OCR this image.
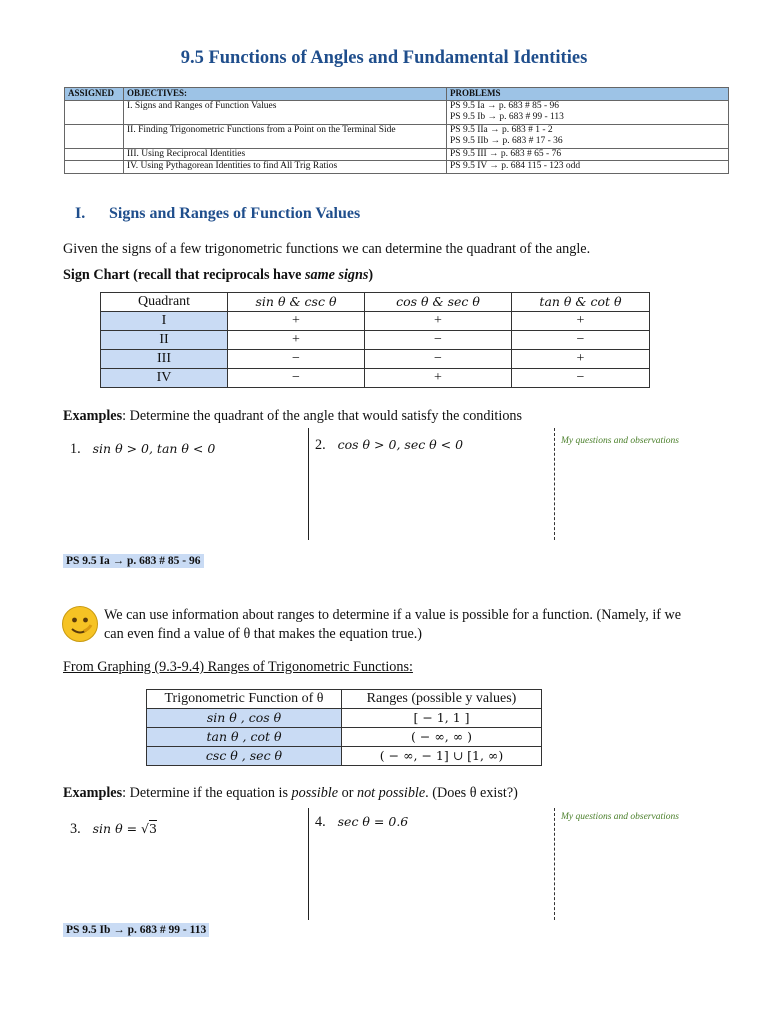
9.5 Functions of Angles and Fundamental Identities
ASSIGNED	OBJECTIVES:	PROBLEMS
	I. Signs and Ranges of Function Values	PS 9.5 Ia → p. 683 # 85 - 96
PS 9.5 Ib → p. 683 # 99 - 113

	II. Finding Trigonometric Functions from a Point on the Terminal Side	PS 9.5 IIa → p. 683 # 1 - 2
PS 9.5 IIb → p. 683 # 17 - 36

	III. Using Reciprocal Identities	PS 9.5 III → p. 683 # 65 - 76
	IV. Using Pythagorean Identities to find All Trig Ratios	PS 9.5 IV → p. 684 115 - 123 odd
I. Signs and Ranges of Function Values
Given the signs of a few trigonometric functions we can determine the quadrant of the angle.
Sign Chart (recall that reciprocals have same signs)
Quadrant	sin θ & csc θ	cos θ & sec θ	tan θ & cot θ
I	+	+	+
II	+	−	−
III	−	−	+
IV	−	+	−
Examples: Determine the quadrant of the angle that would satisfy the conditions
1. sin θ > 0, tan θ < 0	2. cos θ > 0, sec θ < 0	My questions and observations
PS 9.5 Ia → p. 683 # 85 - 96
We can use information about ranges to determine if a value is possible for a function. (Namely, if we can even find a value of θ that makes the equation true.)
From Graphing (9.3-9.4) Ranges of Trigonometric Functions:
Trigonometric Function of θ	Ranges (possible y values)
sin θ , cos θ	[ − 1, 1 ]
tan θ , cot θ	( − ∞, ∞ )
csc θ , sec θ	( − ∞, − 1] ∪ [1, ∞)
Examples: Determine if the equation is possible or not possible. (Does θ exist?)
3. sin θ = √3	4. sec θ = 0.6	My questions and observations
PS 9.5 Ib → p. 683 # 99 - 113
